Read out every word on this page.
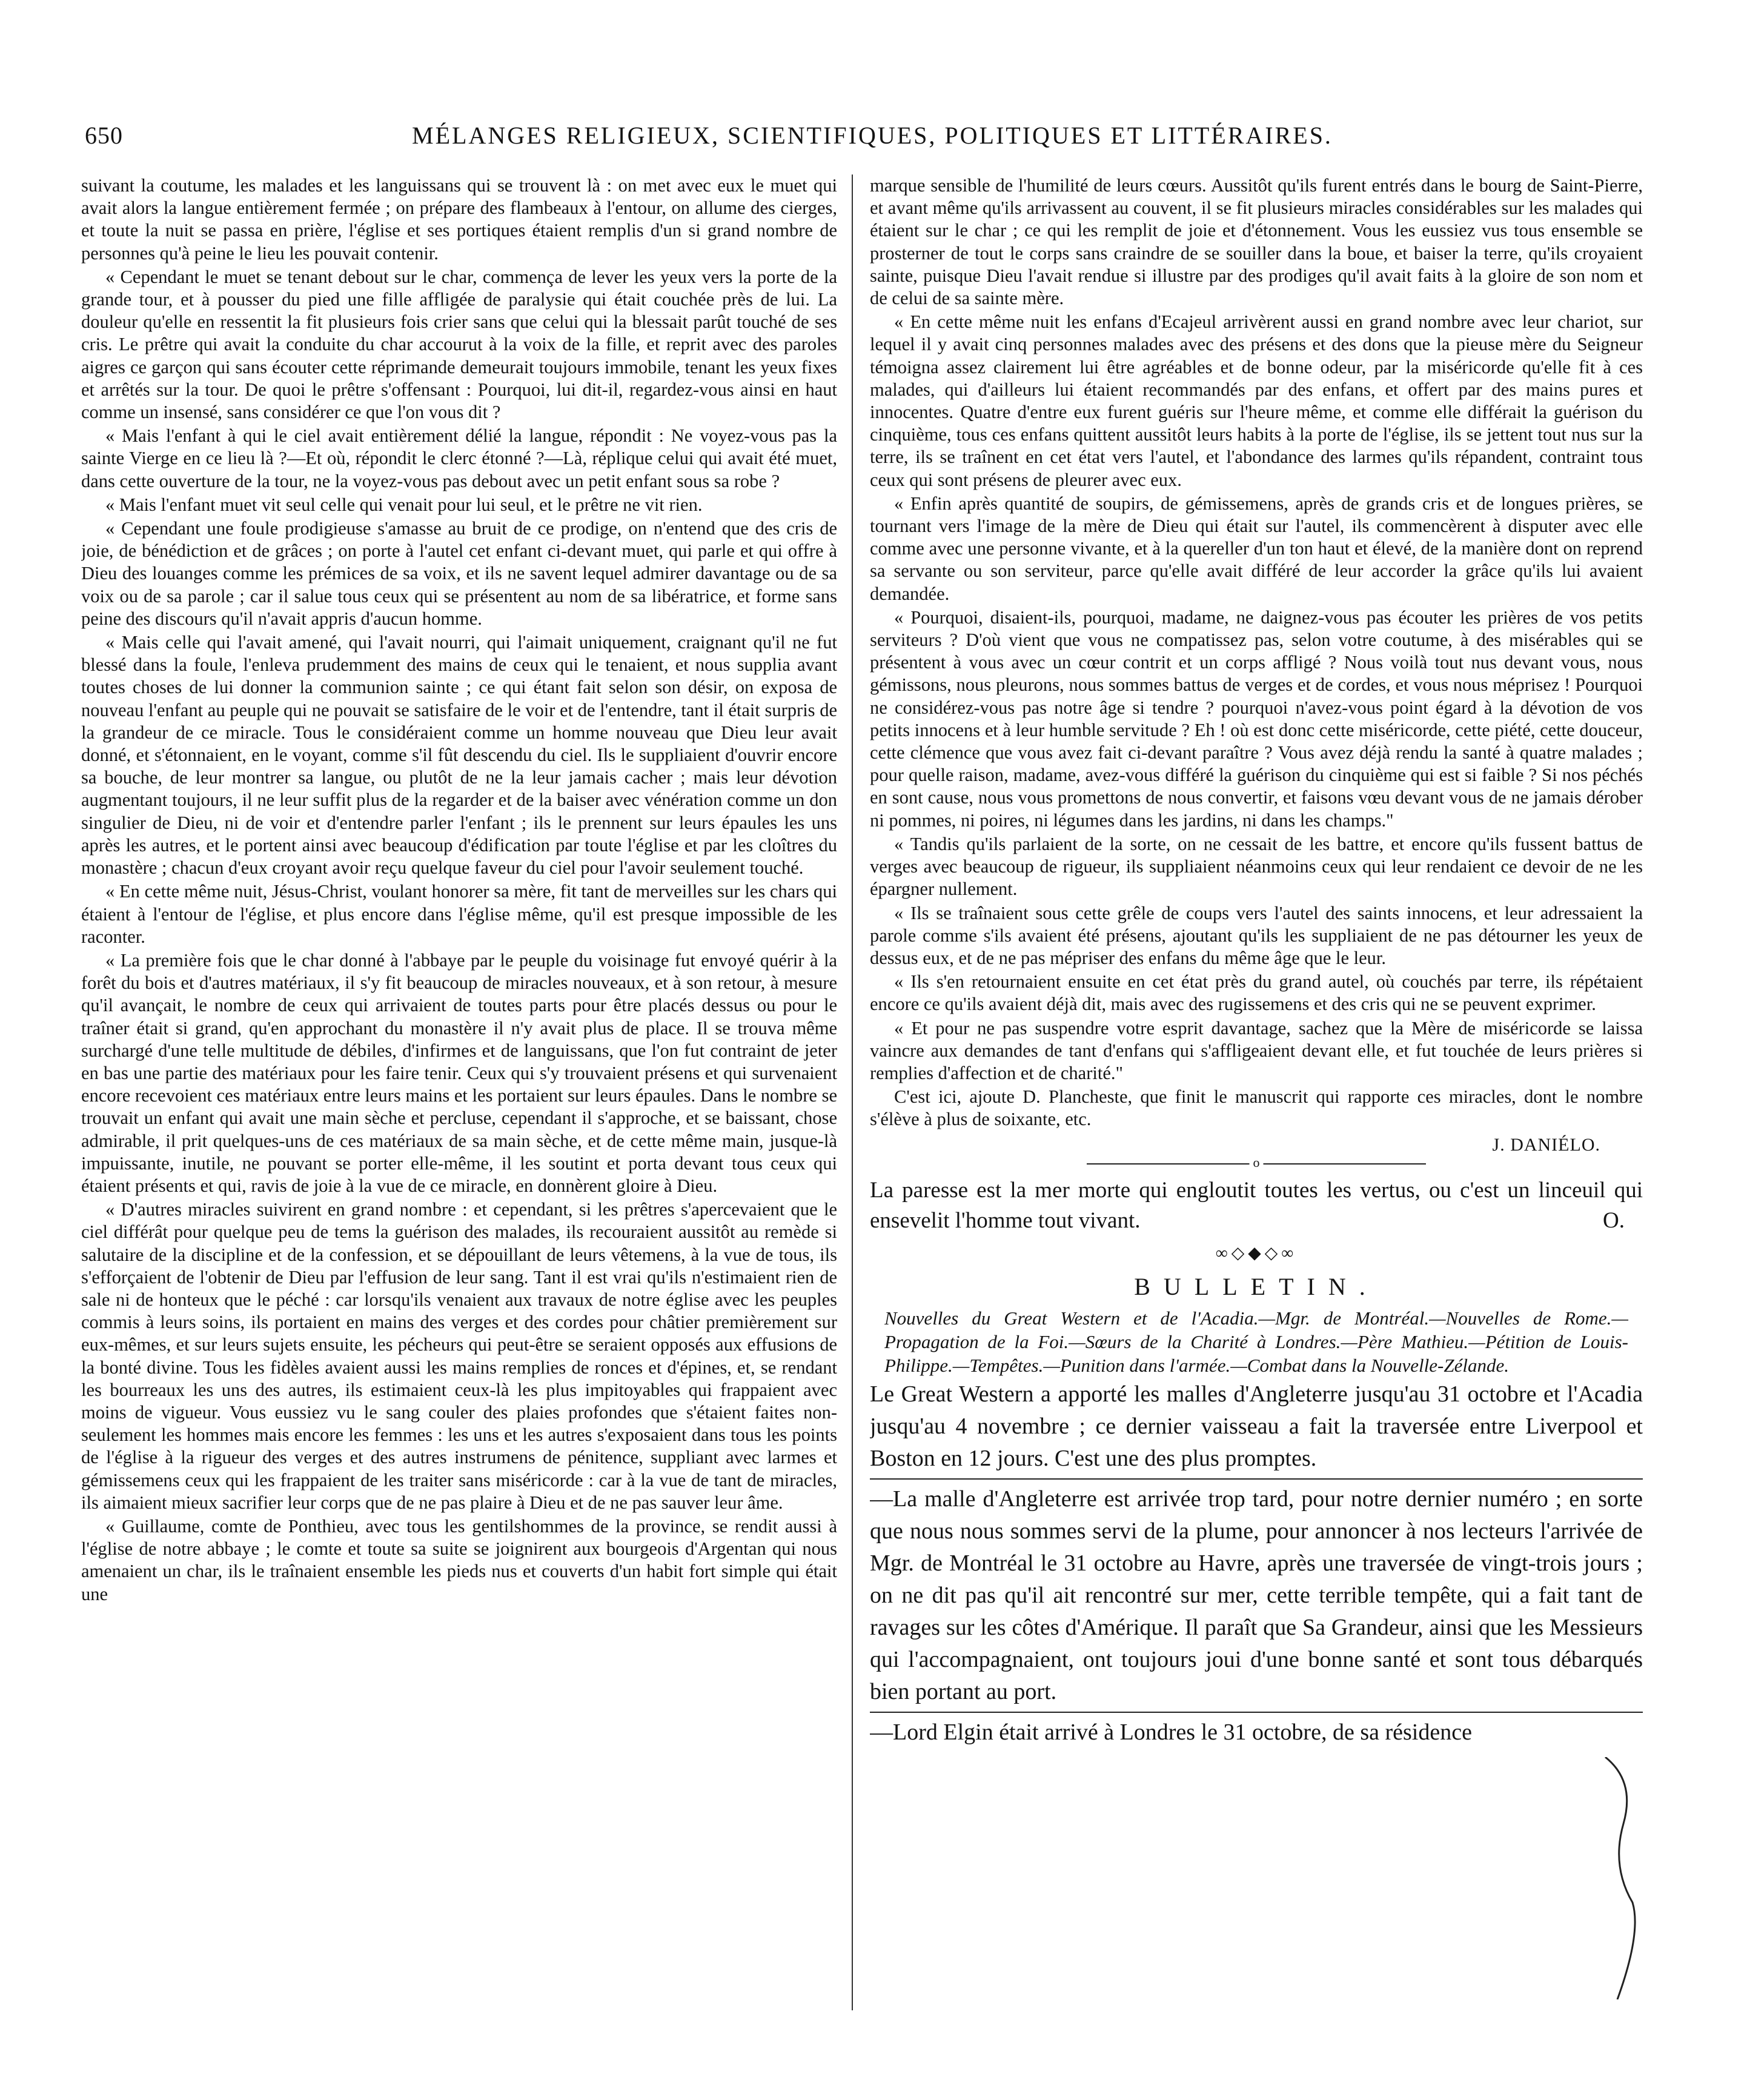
650	MÉLANGES RELIGIEUX, SCIENTIFIQUES, POLITIQUES ET LITTÉRAIRES.

suivant la coutume, les malades et les languissans qui se trouvent là : on met avec eux le muet qui avait alors la langue entièrement fermée ; on prépare des flambeaux à l'entour, on allume des cierges, et toute la nuit se passa en prière, l'église et ses portiques étaient remplis d'un si grand nombre de personnes qu'à peine le lieu les pouvait contenir.

« Cependant le muet se tenant debout sur le char, commença de lever les yeux vers la porte de la grande tour, et à pousser du pied une fille affligée de paralysie qui était couchée près de lui. La douleur qu'elle en ressentit la fit plusieurs fois crier sans que celui qui la blessait parût touché de ses cris. Le prêtre qui avait la conduite du char accourut à la voix de la fille, et reprit avec des paroles aigres ce garçon qui sans écouter cette réprimande demeurait toujours immobile, tenant les yeux fixes et arrêtés sur la tour. De quoi le prêtre s'offensant : Pourquoi, lui dit-il, regardez-vous ainsi en haut comme un insensé, sans considérer ce que l'on vous dit ?

« Mais l'enfant à qui le ciel avait entièrement délié la langue, répondit : Ne voyez-vous pas la sainte Vierge en ce lieu là ?—Et où, répondit le clerc étonné ?—Là, réplique celui qui avait été muet, dans cette ouverture de la tour, ne la voyez-vous pas debout avec un petit enfant sous sa robe ?

« Mais l'enfant muet vit seul celle qui venait pour lui seul, et le prêtre ne vit rien.

« Cependant une foule prodigieuse s'amasse au bruit de ce prodige, on n'entend que des cris de joie, de bénédiction et de grâces ; on porte à l'autel cet enfant ci-devant muet, qui parle et qui offre à Dieu des louanges comme les prémices de sa voix, et ils ne savent lequel admirer davantage ou de sa voix ou de sa parole ; car il salue tous ceux qui se présentent au nom de sa libératrice, et forme sans peine des discours qu'il n'avait appris d'aucun homme.

« Mais celle qui l'avait amené, qui l'avait nourri, qui l'aimait uniquement, craignant qu'il ne fut blessé dans la foule, l'enleva prudemment des mains de ceux qui le tenaient, et nous supplia avant toutes choses de lui donner la communion sainte ; ce qui étant fait selon son désir, on exposa de nouveau l'enfant au peuple qui ne pouvait se satisfaire de le voir et de l'entendre, tant il était surpris de la grandeur de ce miracle. Tous le considéraient comme un homme nouveau que Dieu leur avait donné, et s'étonnaient, en le voyant, comme s'il fût descendu du ciel. Ils le suppliaient d'ouvrir encore sa bouche, de leur montrer sa langue, ou plutôt de ne la leur jamais cacher ; mais leur dévotion augmentant toujours, il ne leur suffit plus de la regarder et de la baiser avec vénération comme un don singulier de Dieu, ni de voir et d'entendre parler l'enfant ; ils le prennent sur leurs épaules les uns après les autres, et le portent ainsi avec beaucoup d'édification par toute l'église et par les cloîtres du monastère ; chacun d'eux croyant avoir reçu quelque faveur du ciel pour l'avoir seulement touché.

« En cette même nuit, Jésus-Christ, voulant honorer sa mère, fit tant de merveilles sur les chars qui étaient à l'entour de l'église, et plus encore dans l'église même, qu'il est presque impossible de les raconter.

« La première fois que le char donné à l'abbaye par le peuple du voisinage fut envoyé quérir à la forêt du bois et d'autres matériaux, il s'y fit beaucoup de miracles nouveaux, et à son retour, à mesure qu'il avançait, le nombre de ceux qui arrivaient de toutes parts pour être placés dessus ou pour le traîner était si grand, qu'en approchant du monastère il n'y avait plus de place. Il se trouva même surchargé d'une telle multitude de débiles, d'infirmes et de languissans, que l'on fut contraint de jeter en bas une partie des matériaux pour les faire tenir. Ceux qui s'y trouvaient présens et qui survenaient encore recevoient ces matériaux entre leurs mains et les portaient sur leurs épaules. Dans le nombre se trouvait un enfant qui avait une main sèche et percluse, cependant il s'approche, et se baissant, chose admirable, il prit quelques-uns de ces matériaux de sa main sèche, et de cette même main, jusque-là impuissante, inutile, ne pouvant se porter elle-même, il les soutint et porta devant tous ceux qui étaient présents et qui, ravis de joie à la vue de ce miracle, en donnèrent gloire à Dieu.

« D'autres miracles suivirent en grand nombre : et cependant, si les prêtres s'apercevaient que le ciel différât pour quelque peu de tems la guérison des malades, ils recouraient aussitôt au remède si salutaire de la discipline et de la confession, et se dépouillant de leurs vêtemens, à la vue de tous, ils s'efforçaient de l'obtenir de Dieu par l'effusion de leur sang. Tant il est vrai qu'ils n'estimaient rien de sale ni de honteux que le péché : car lorsqu'ils venaient aux travaux de notre église avec les peuples commis à leurs soins, ils portaient en mains des verges et des cordes pour châtier premièrement sur eux-mêmes, et sur leurs sujets ensuite, les pécheurs qui peut-être se seraient opposés aux effusions de la bonté divine. Tous les fidèles avaient aussi les mains remplies de ronces et d'épines, et, se rendant les bourreaux les uns des autres, ils estimaient ceux-là les plus impitoyables qui frappaient avec moins de vigueur. Vous eussiez vu le sang couler des plaies profondes que s'étaient faites non-seulement les hommes mais encore les femmes : les uns et les autres s'exposaient dans tous les points de l'église à la rigueur des verges et des autres instrumens de pénitence, suppliant avec larmes et gémissemens ceux qui les frappaient de les traiter sans miséricorde : car à la vue de tant de miracles, ils aimaient mieux sacrifier leur corps que de ne pas plaire à Dieu et de ne pas sauver leur âme.

« Guillaume, comte de Ponthieu, avec tous les gentilshommes de la province, se rendit aussi à l'église de notre abbaye ; le comte et toute sa suite se joignirent aux bourgeois d'Argentan qui nous amenaient un char, ils le traînaient ensemble les pieds nus et couverts d'un habit fort simple qui était une

marque sensible de l'humilité de leurs cœurs. Aussitôt qu'ils furent entrés dans le bourg de Saint-Pierre, et avant même qu'ils arrivassent au couvent, il se fit plusieurs miracles considérables sur les malades qui étaient sur le char ; ce qui les remplit de joie et d'étonnement. Vous les eussiez vus tous ensemble se prosterner de tout le corps sans craindre de se souiller dans la boue, et baiser la terre, qu'ils croyaient sainte, puisque Dieu l'avait rendue si illustre par des prodiges qu'il avait faits à la gloire de son nom et de celui de sa sainte mère.

« En cette même nuit les enfans d'Ecajeul arrivèrent aussi en grand nombre avec leur chariot, sur lequel il y avait cinq personnes malades avec des présens et des dons que la pieuse mère du Seigneur témoigna assez clairement lui être agréables et de bonne odeur, par la miséricorde qu'elle fit à ces malades, qui d'ailleurs lui étaient recommandés par des enfans, et offert par des mains pures et innocentes. Quatre d'entre eux furent guéris sur l'heure même, et comme elle différait la guérison du cinquième, tous ces enfans quittent aussitôt leurs habits à la porte de l'église, ils se jettent tout nus sur la terre, ils se traînent en cet état vers l'autel, et l'abondance des larmes qu'ils répandent, contraint tous ceux qui sont présens de pleurer avec eux.

« Enfin après quantité de soupirs, de gémissemens, après de grands cris et de longues prières, se tournant vers l'image de la mère de Dieu qui était sur l'autel, ils commencèrent à disputer avec elle comme avec une personne vivante, et à la quereller d'un ton haut et élevé, de la manière dont on reprend sa servante ou son serviteur, parce qu'elle avait différé de leur accorder la grâce qu'ils lui avaient demandée.

« Pourquoi, disaient-ils, pourquoi, madame, ne daignez-vous pas écouter les prières de vos petits serviteurs ? D'où vient que vous ne compatissez pas, selon votre coutume, à des misérables qui se présentent à vous avec un cœur contrit et un corps affligé ? Nous voilà tout nus devant vous, nous gémissons, nous pleurons, nous sommes battus de verges et de cordes, et vous nous méprisez ! Pourquoi ne considérez-vous pas notre âge si tendre ? pourquoi n'avez-vous point égard à la dévotion de vos petits innocens et à leur humble servitude ? Eh ! où est donc cette miséricorde, cette piété, cette douceur, cette clémence que vous avez fait ci-devant paraître ? Vous avez déjà rendu la santé à quatre malades ; pour quelle raison, madame, avez-vous différé la guérison du cinquième qui est si faible ? Si nos péchés en sont cause, nous vous promettons de nous convertir, et faisons vœu devant vous de ne jamais dérober ni pommes, ni poires, ni légumes dans les jardins, ni dans les champs."

« Tandis qu'ils parlaient de la sorte, on ne cessait de les battre, et encore qu'ils fussent battus de verges avec beaucoup de rigueur, ils suppliaient néanmoins ceux qui leur rendaient ce devoir de ne les épargner nullement.

« Ils se traînaient sous cette grêle de coups vers l'autel des saints innocens, et leur adressaient la parole comme s'ils avaient été présens, ajoutant qu'ils les suppliaient de ne pas détourner les yeux de dessus eux, et de ne pas mépriser des enfans du même âge que le leur.

« Ils s'en retournaient ensuite en cet état près du grand autel, où couchés par terre, ils répétaient encore ce qu'ils avaient déjà dit, mais avec des rugissemens et des cris qui ne se peuvent exprimer.

« Et pour ne pas suspendre votre esprit davantage, sachez que la Mère de miséricorde se laissa vaincre aux demandes de tant d'enfans qui s'affligeaient devant elle, et fut touchée de leurs prières si remplies d'affection et de charité."

C'est ici, ajoute D. Plancheste, que finit le manuscrit qui rapporte ces miracles, dont le nombre s'élève à plus de soixante, etc.

J. DANIÉLO.
o

La paresse est la mer morte qui engloutit toutes les vertus, ou c'est un linceuil qui ensevelit l'homme tout vivant.	O.

∞◇◆◇∞
BULLETIN.

Nouvelles du Great Western et de l'Acadia.—Mgr. de Montréal.—Nouvelles de Rome.—Propagation de la Foi.—Sœurs de la Charité à Londres.—Père Mathieu.—Pétition de Louis-Philippe.—Tempêtes.—Punition dans l'armée.—Combat dans la Nouvelle-Zélande.

Le Great Western a apporté les malles d'Angleterre jusqu'au 31 octobre et l'Acadia jusqu'au 4 novembre ; ce dernier vaisseau a fait la traversée entre Liverpool et Boston en 12 jours. C'est une des plus promptes.

—La malle d'Angleterre est arrivée trop tard, pour notre dernier numéro ; en sorte que nous nous sommes servi de la plume, pour annoncer à nos lecteurs l'arrivée de Mgr. de Montréal le 31 octobre au Havre, après une traversée de vingt-trois jours ; on ne dit pas qu'il ait rencontré sur mer, cette terrible tempête, qui a fait tant de ravages sur les côtes d'Amérique. Il paraît que Sa Grandeur, ainsi que les Messieurs qui l'accompagnaient, ont toujours joui d'une bonne santé et sont tous débarqués bien portant au port.

—Lord Elgin était arrivé à Londres le 31 octobre, de sa résidence
